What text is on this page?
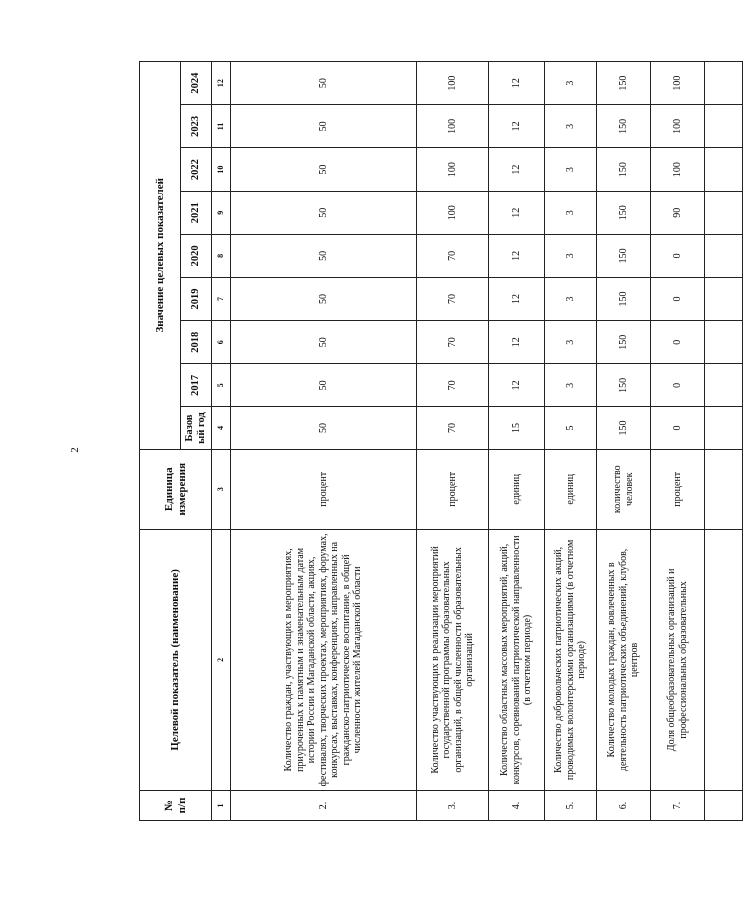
2
№ п/п	Целевой показатель (наименование)	Единица измерения	Значение целевых показателей								
			Базов ый год	2017	2018	2019	2020	2021	2022	2023	2024
1	2	3	4	5	6	7	8	9	10	11	12
2.	Количество граждан, участвующих в мероприятиях, приуроченных к памятным и знаменательным датам истории России и Магаданской области, акциях, фестивалях, творческих проектах, мероприятиях, форумах, конкурсах, выставках, конференциях, направленных на гражданско-патриотическое воспитание, в общей численности жителей Магаданской области	процент	50	50	50	50	50	50	50	50	50
3.	Количество участвующих в реализации мероприятий государственной программы образовательных организаций, в общей численности образовательных организаций	процент	70	70	70	70	70	100	100	100	100
4.	Количество областных массовых мероприятий, акций, конкурсов, соревнований патриотической направленности (в отчетном периоде)	единиц	15	12	12	12	12	12	12	12	12
5.	Количество добровольческих патриотических акций, проводимых волонтерскими организациями (в отчетном периоде)	единиц	5	3	3	3	3	3	3	3	3
6.	Количество молодых граждан, вовлеченных в деятельность патриотических объединений, клубов, центров	количество человек	150	150	150	150	150	150	150	150	150
7.	Доля общеобразовательных организаций и профессиональных образовательных	процент	0	0	0	0	0	90	100	100	100
